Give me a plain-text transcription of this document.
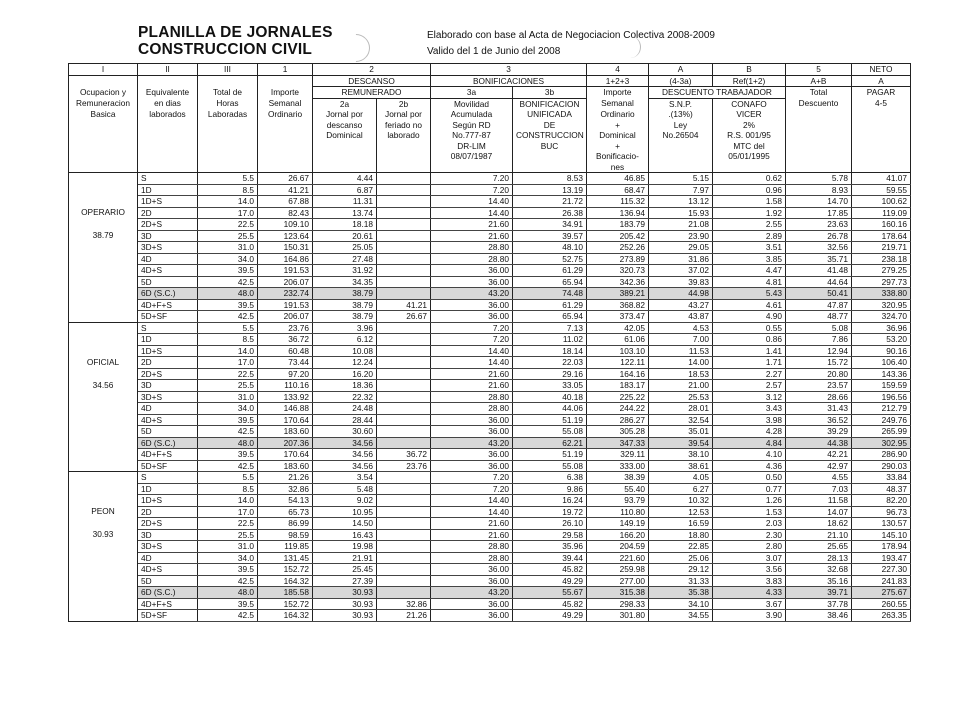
PLANILLA DE JORNALES
CONSTRUCCION CIVIL
Elaborado con base al Acta de Negociacion Colectiva 2008-2009
Valido del 1 de Junio del 2008
I	II	III	1	2		3		4	A	B	5	NETO
				DESCANSO		BONIFICACIONES		1+2+3	(4-3a)	Ref(1+2)	A+B	A
Ocupacion y	Equivalente	Total de	Importe	REMUNERADO		3a	3b	Importe	DESCUENTO TRABAJADOR		Total	PAGAR
Remuneracion	en dias	Horas	Semanal	2a	2b	Movilidad	BONIFICACION	Semanal	S.N.P.	CONAFO	Descuento	4-5
Basica	laborados	Laboradas	Ordinario	Jornal por	Jornal por	Acumulada	UNIFICADA	Ordinario	.(13%)	VICER		
				descanso	feriado no	Según RD	DE	+	Ley	2%		
				Dominical	laborado	No.777-87	CONSTRUCCION	Dominical	No.26504	R.S. 001/95		
						DR-LIM	BUC	+		MTC del		
						08/07/1987		Bonificacio-		05/01/1995		
								nes				
	S	5.5	26.67	4.44		7.20	8.53	46.85	5.15	0.62	5.78	41.07
	1D	8.5	41.21	6.87		7.20	13.19	68.47	7.97	0.96	8.93	59.55
	1D+S	14.0	67.88	11.31		14.40	21.72	115.32	13.12	1.58	14.70	100.62
OPERARIO	2D	17.0	82.43	13.74		14.40	26.38	136.94	15.93	1.92	17.85	119.09
	2D+S	22.5	109.10	18.18		21.60	34.91	183.79	21.08	2.55	23.63	160.16
38.79	3D	25.5	123.64	20.61		21.60	39.57	205.42	23.90	2.89	26.78	178.64
	3D+S	31.0	150.31	25.05		28.80	48.10	252.26	29.05	3.51	32.56	219.71
	4D	34.0	164.86	27.48		28.80	52.75	273.89	31.86	3.85	35.71	238.18
	4D+S	39.5	191.53	31.92		36.00	61.29	320.73	37.02	4.47	41.48	279.25
	5D	42.5	206.07	34.35		36.00	65.94	342.36	39.83	4.81	44.64	297.73
	6D (S.C.)	48.0	232.74	38.79		43.20	74.48	389.21	44.98	5.43	50.41	338.80
	4D+F+S	39.5	191.53	38.79	41.21	36.00	61.29	368.82	43.27	4.61	47.87	320.95
	5D+SF	42.5	206.07	38.79	26.67	36.00	65.94	373.47	43.87	4.90	48.77	324.70
	S	5.5	23.76	3.96		7.20	7.13	42.05	4.53	0.55	5.08	36.96
	1D	8.5	36.72	6.12		7.20	11.02	61.06	7.00	0.86	7.86	53.20
	1D+S	14.0	60.48	10.08		14.40	18.14	103.10	11.53	1.41	12.94	90.16
OFICIAL	2D	17.0	73.44	12.24		14.40	22.03	122.11	14.00	1.71	15.72	106.40
	2D+S	22.5	97.20	16.20		21.60	29.16	164.16	18.53	2.27	20.80	143.36
34.56	3D	25.5	110.16	18.36		21.60	33.05	183.17	21.00	2.57	23.57	159.59
	3D+S	31.0	133.92	22.32		28.80	40.18	225.22	25.53	3.12	28.66	196.56
	4D	34.0	146.88	24.48		28.80	44.06	244.22	28.01	3.43	31.43	212.79
	4D+S	39.5	170.64	28.44		36.00	51.19	286.27	32.54	3.98	36.52	249.76
	5D	42.5	183.60	30.60		36.00	55.08	305.28	35.01	4.28	39.29	265.99
	6D (S.C.)	48.0	207.36	34.56		43.20	62.21	347.33	39.54	4.84	44.38	302.95
	4D+F+S	39.5	170.64	34.56	36.72	36.00	51.19	329.11	38.10	4.10	42.21	286.90
	5D+SF	42.5	183.60	34.56	23.76	36.00	55.08	333.00	38.61	4.36	42.97	290.03
	S	5.5	21.26	3.54		7.20	6.38	38.39	4.05	0.50	4.55	33.84
	1D	8.5	32.86	5.48		7.20	9.86	55.40	6.27	0.77	7.03	48.37
	1D+S	14.0	54.13	9.02		14.40	16.24	93.79	10.32	1.26	11.58	82.20
PEON	2D	17.0	65.73	10.95		14.40	19.72	110.80	12.53	1.53	14.07	96.73
	2D+S	22.5	86.99	14.50		21.60	26.10	149.19	16.59	2.03	18.62	130.57
30.93	3D	25.5	98.59	16.43		21.60	29.58	166.20	18.80	2.30	21.10	145.10
	3D+S	31.0	119.85	19.98		28.80	35.96	204.59	22.85	2.80	25.65	178.94
	4D	34.0	131.45	21.91		28.80	39.44	221.60	25.06	3.07	28.13	193.47
	4D+S	39.5	152.72	25.45		36.00	45.82	259.98	29.12	3.56	32.68	227.30
	5D	42.5	164.32	27.39		36.00	49.29	277.00	31.33	3.83	35.16	241.83
	6D (S.C.)	48.0	185.58	30.93		43.20	55.67	315.38	35.38	4.33	39.71	275.67
	4D+F+S	39.5	152.72	30.93	32.86	36.00	45.82	298.33	34.10	3.67	37.78	260.55
	5D+SF	42.5	164.32	30.93	21.26	36.00	49.29	301.80	34.55	3.90	38.46	263.35
